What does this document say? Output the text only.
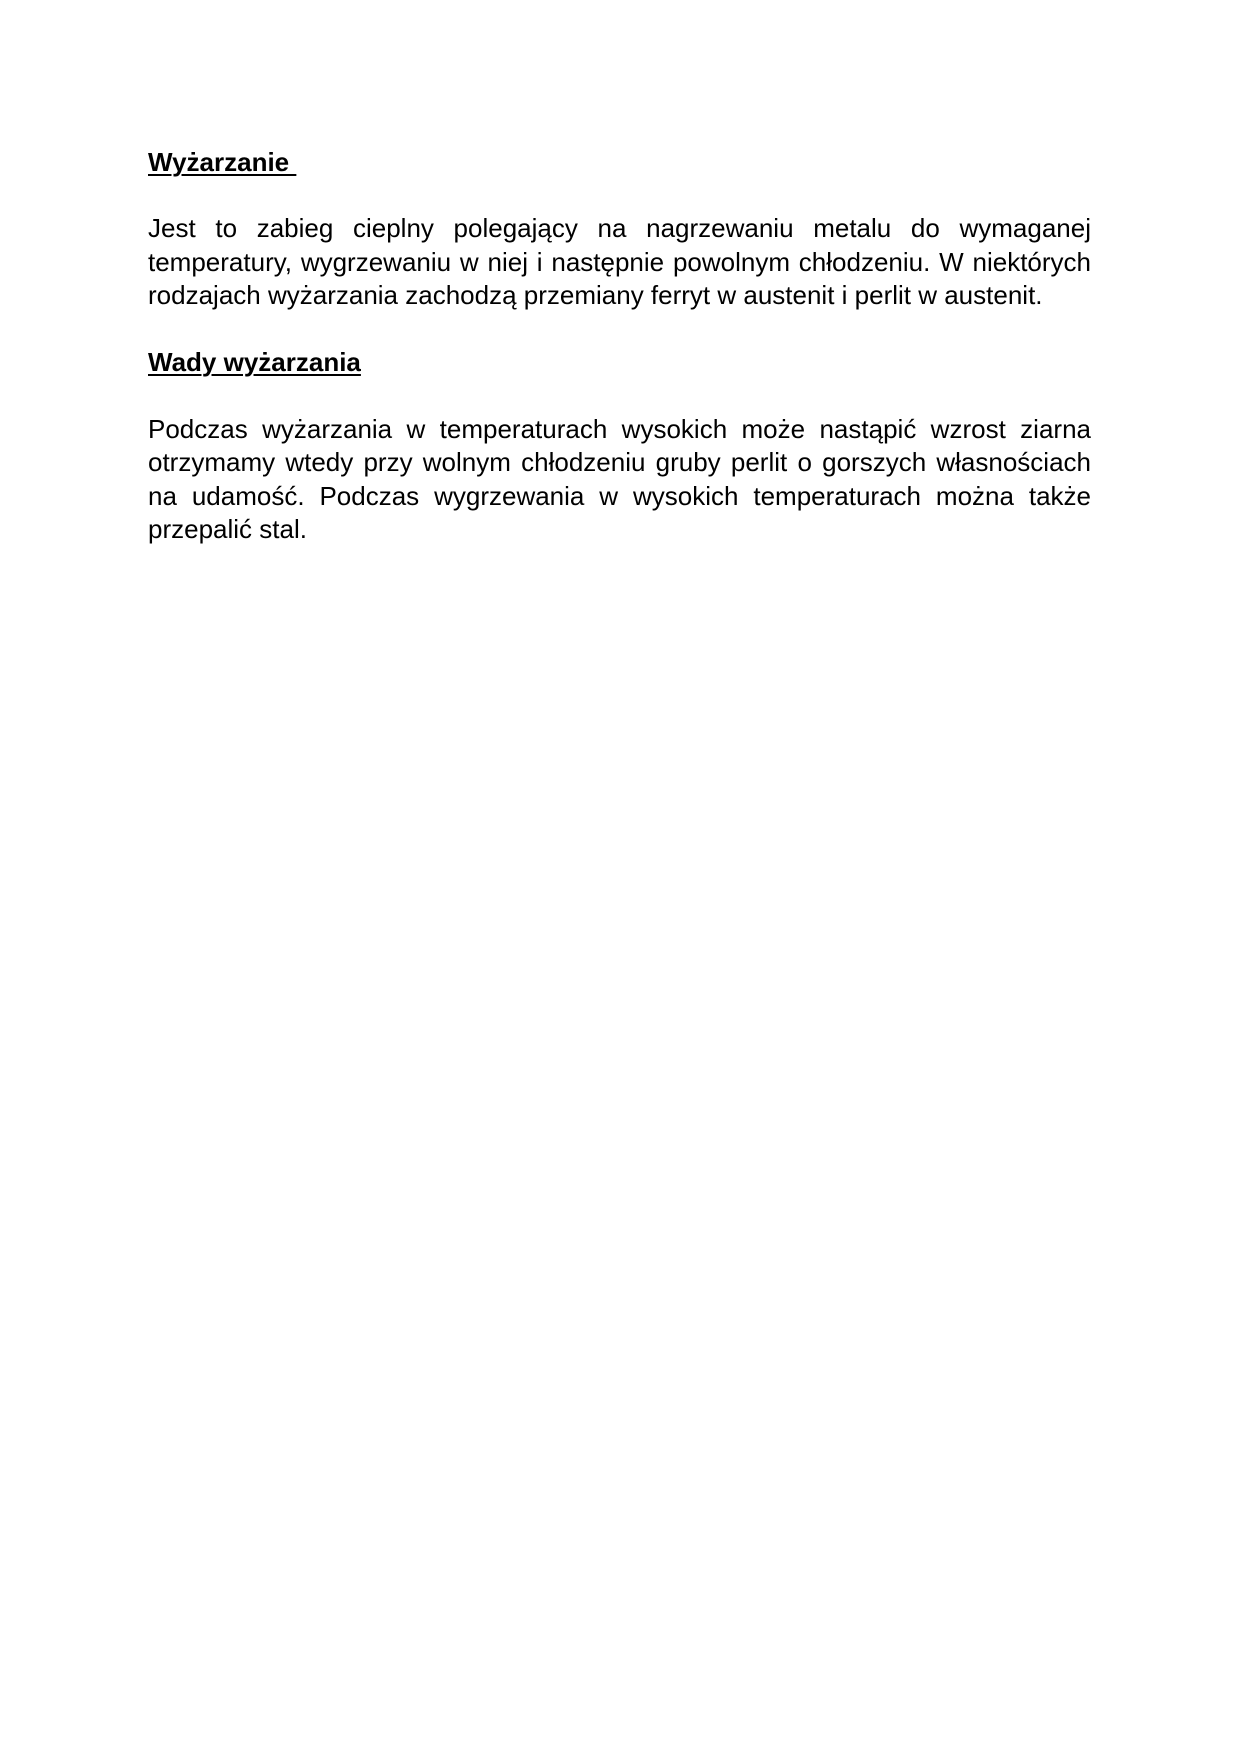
Wyżarzanie

Jest to zabieg cieplny polegający na nagrzewaniu metalu do wymaganej temperatury, wygrzewaniu w niej i następnie powolnym chłodzeniu. W niektórych rodzajach wyżarzania zachodzą przemiany ferryt w austenit i perlit w austenit.

Wady wyżarzania

Podczas wyżarzania w temperaturach wysokich może nastąpić wzrost ziarna otrzymamy wtedy przy wolnym chłodzeniu gruby perlit o gorszych własnościach na udamość. Podczas wygrzewania w wysokich temperaturach można także przepalić stal.
